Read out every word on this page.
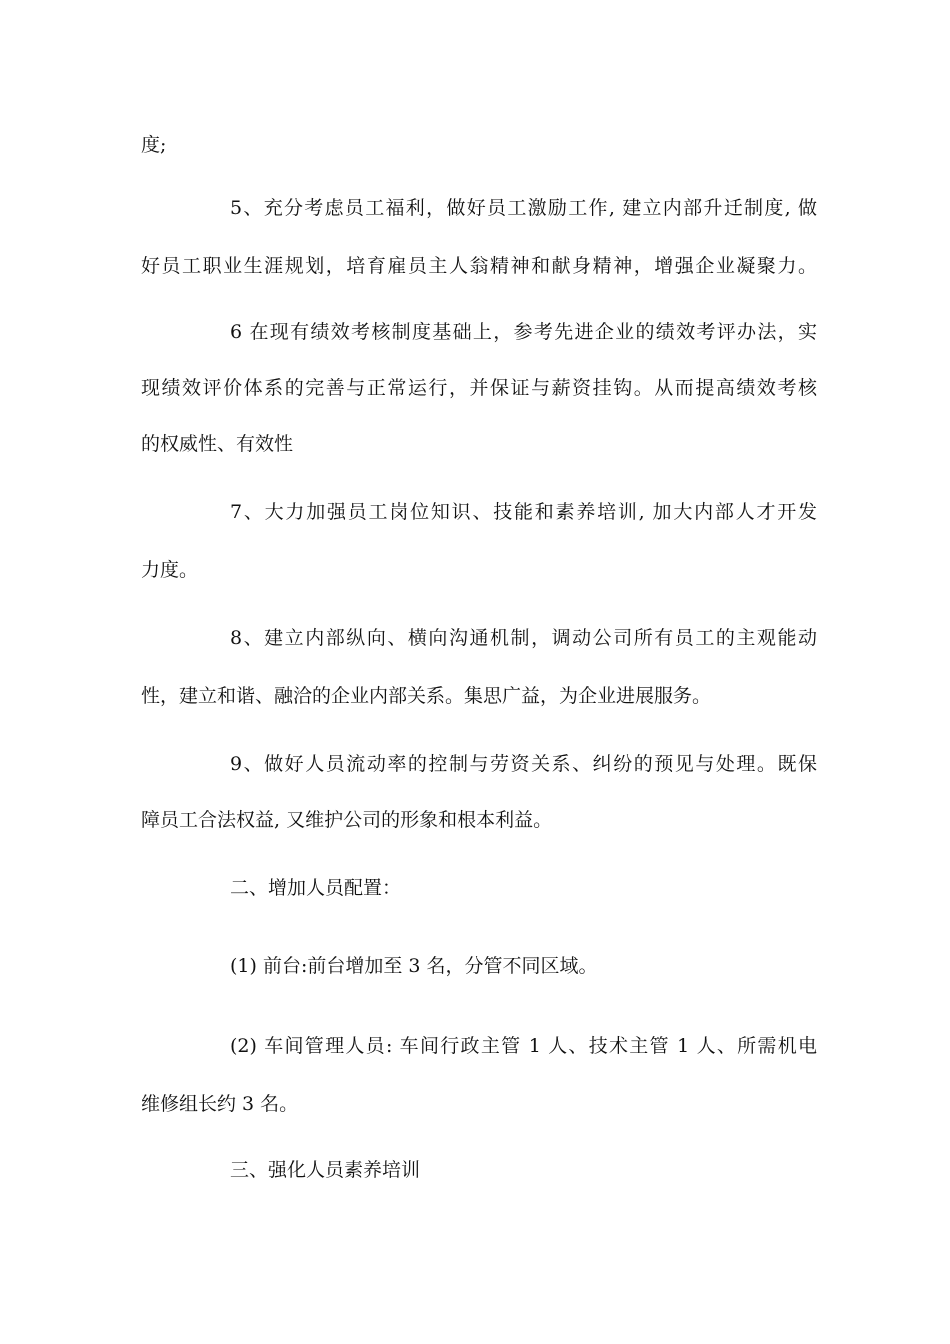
度;
5、充分考虑员工福利，做好员工激励工作, 建立内部升迁制度, 做
好员工职业生涯规划，培育雇员主人翁精神和献身精神，增强企业凝聚力。
6 在现有绩效考核制度基础上，参考先进企业的绩效考评办法，实
现绩效评价体系的完善与正常运行，并保证与薪资挂钩。从而提高绩效考核
的权威性、有效性
7、大力加强员工岗位知识、技能和素养培训, 加大内部人才开发
力度。
8、建立内部纵向、横向沟通机制，调动公司所有员工的主观能动
性，建立和谐、融洽的企业内部关系。集思广益，为企业进展服务。
9、做好人员流动率的控制与劳资关系、纠纷的预见与处理。既保
障员工合法权益, 又维护公司的形象和根本利益。
二、增加人员配置：
(1) 前台:前台增加至 3 名，分管不同区域。
(2) 车间管理人员: 车间行政主管 1 人、技术主管 1 人、所需机电
维修组长约 3 名。
三、强化人员素养培训
